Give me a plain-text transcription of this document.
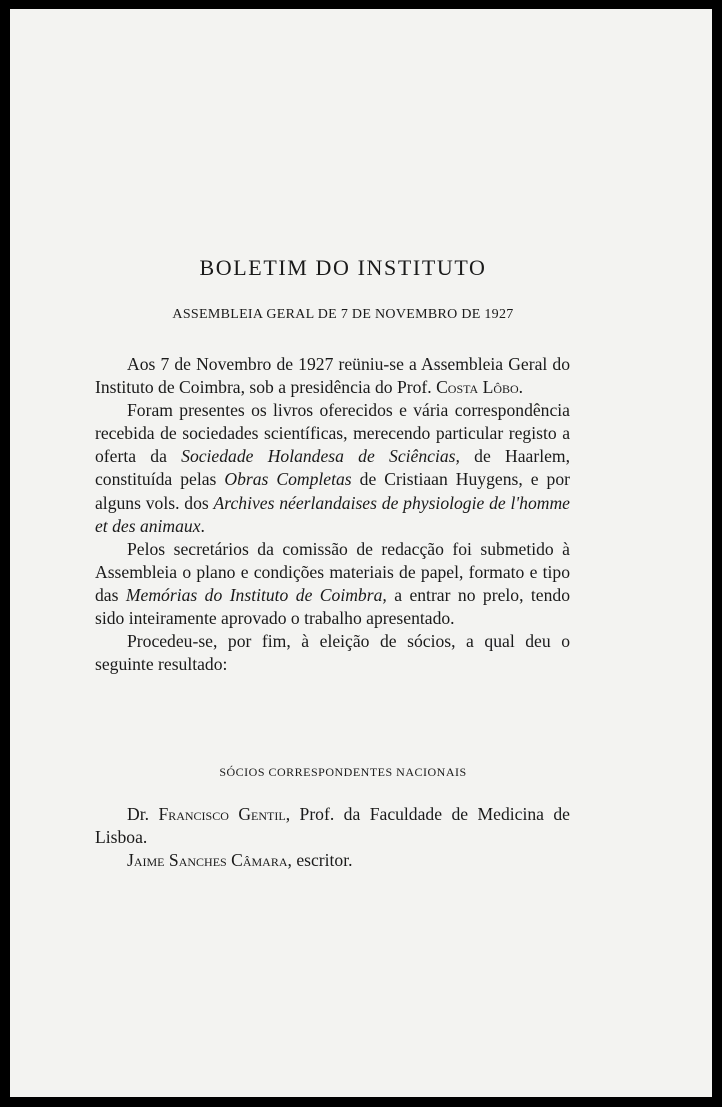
BOLETIM DO INSTITUTO
ASSEMBLEIA GERAL DE 7 DE NOVEMBRO DE 1927

Aos 7 de Novembro de 1927 reüniu-se a Assembleia Geral do Instituto de Coimbra, sob a presidência do Prof. Costa Lôbo.

Foram presentes os livros oferecidos e vária correspondência recebida de sociedades scientíficas, merecendo particular registo a oferta da Sociedade Holandesa de Sciências, de Haarlem, constituída pelas Obras Completas de Cristiaan Huygens, e por alguns vols. dos Archives néerlandaises de physiologie de l'homme et des animaux.

Pelos secretários da comissão de redacção foi submetido à Assembleia o plano e condições materiais de papel, formato e tipo das Memórias do Instituto de Coimbra, a entrar no prelo, tendo sido inteiramente aprovado o trabalho apresentado.

Procedeu-se, por fim, à eleição de sócios, a qual deu o seguinte resultado:

SÓCIOS CORRESPONDENTES NACIONAIS

Dr. Francisco Gentil, Prof. da Faculdade de Medicina de Lisboa.

Jaime Sanches Câmara, escritor.
